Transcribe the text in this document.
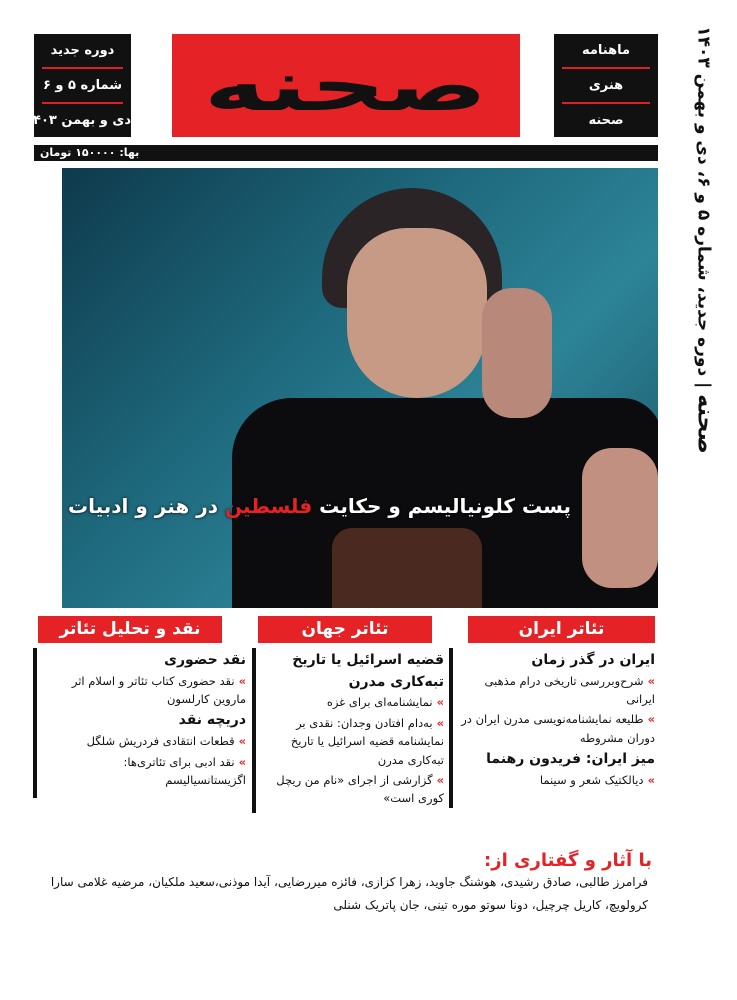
دوره جدید
شماره ۵ و ۶
دی و بهمن ۱۴۰۳ صحنه	ماهنامه
هنری
صحنه
بها: ۱۵۰۰۰۰ تومان
صحنه | دوره جدید، شماره ۵ و ۶، دی و بهمن ۱۴۰۳
پست کلونیالیسم و حکایت فلسطین در هنر و ادبیات
تئاتر ایران
تئاتر جهان
نقد و تحلیل تئاتر
ایران در گذر زمان

» شرح‌وبررسی تاریخی درام مذهبی ایرانی

» طلیعه نمایشنامه‌نویسی مدرن ایران در دوران مشروطه

میز ایران: فریدون رهنما

» دیالکتیک شعر و سینما

قضیه اسرائیل یا تاریخ تبه‌کاری مدرن

» نمایشنامه‌ای برای غزه

» به‌دام افتادن وجدان: نقدی بر نمایشنامه قضیه اسرائیل یا تاریخ تبه‌کاری مدرن

» گزارشی از اجرای «نام من ریچل کوری است»

نقد حضوری

» نقد حضوری کتاب تئاتر و اسلام اثر ماروین کارلسون

دریچه نقد

» قطعات انتقادی فردریش شلگل

» نقد ادبی برای تئاتری‌ها: اگزیستانسیالیسم

با آثار و گفتاری از:

فرامرز طالبی، صادق رشیدی، هوشنگ جاوید، زهرا کزازی، فائزه میررضایی، آیدا موذنی،سعید ملکیان، مرضیه غلامی سارا کرولویچ، کاریل چرچیل، دونا سوتو موره تینی، جان پاتریک شنلی
